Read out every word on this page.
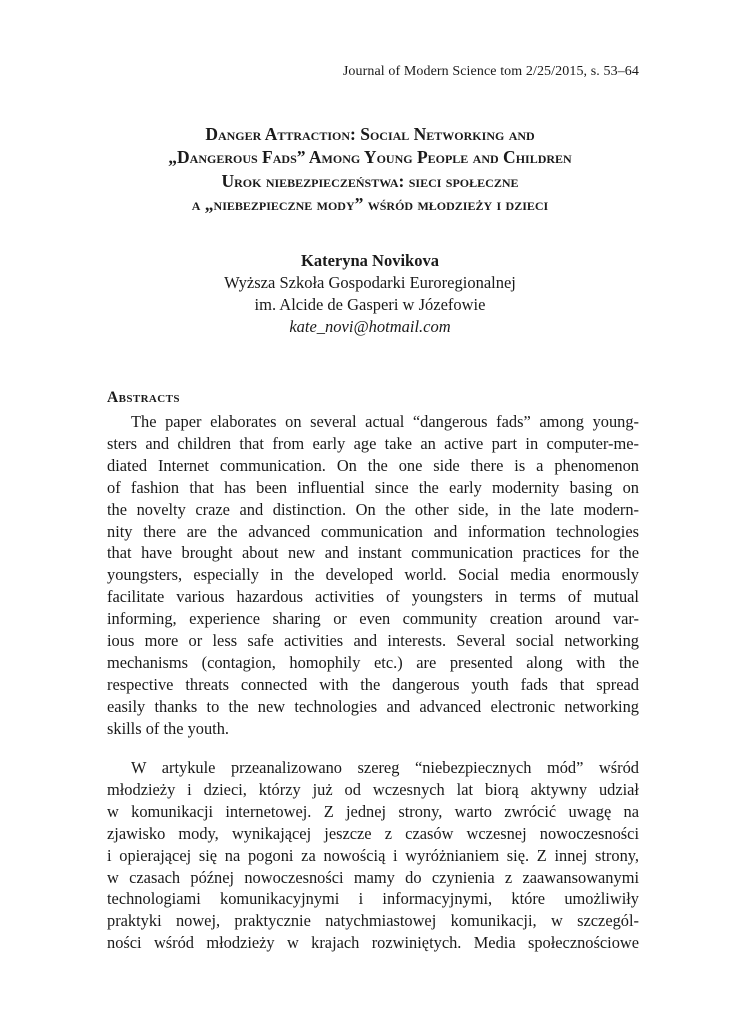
Journal of Modern Science tom 2/25/2015, s. 53–64
Danger Attraction: Social Networking and
„Dangerous Fads” Among Young People and Children
Urok niebezpieczeństwa: sieci społeczne
a „niebezpieczne mody” wśród młodzieży i dzieci
Kateryna Novikova
Wyższa Szkoła Gospodarki Euroregionalnej
im. Alcide de Gasperi w Józefowie
kate_novi@hotmail.com
Abstracts
The paper elaborates on several actual “dangerous fads” among young-
sters and children that from early age take an active part in computer-me-
diated Internet communication. On the one side there is a phenomenon
of fashion that has been influential since the early modernity basing on
the novelty craze and distinction. On the other side, in the late modern-
nity there are the advanced communication and information technologies
that have brought about new and instant communication practices for the
youngsters, especially in the developed world. Social media enormously
facilitate various hazardous activities of youngsters in terms of mutual
informing, experience sharing or even community creation around var-
ious more or less safe activities and interests. Several social networking
mechanisms (contagion, homophily etc.) are presented along with the
respective threats connected with the dangerous youth fads that spread
easily thanks to the new technologies and advanced electronic networking
skills of the youth.
W artykule przeanalizowano szereg “niebezpiecznych mód” wśród
młodzieży i dzieci, którzy już od wczesnych lat biorą aktywny udział
w komunikacji internetowej. Z jednej strony, warto zwrócić uwagę na
zjawisko mody, wynikającej jeszcze z czasów wczesnej nowoczesności
i opierającej się na pogoni za nowością i wyróżnianiem się. Z innej strony,
w czasach późnej nowoczesności mamy do czynienia z zaawansowanymi
technologiami komunikacyjnymi i informacyjnymi, które umożliwiły
praktyki nowej, praktycznie natychmiastowej komunikacji, w szczegól-
ności wśród młodzieży w krajach rozwiniętych. Media społecznościowe
